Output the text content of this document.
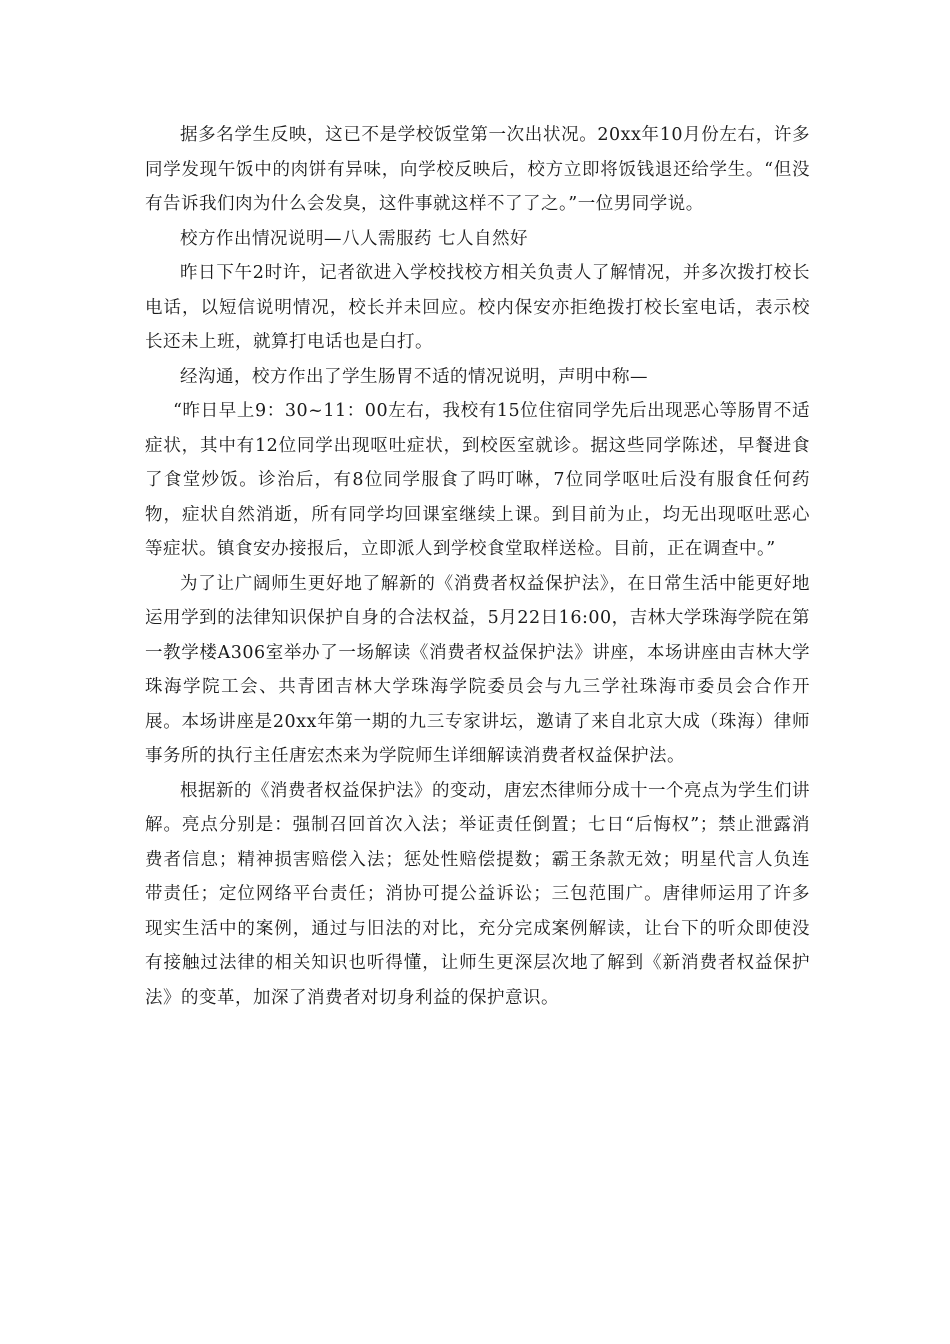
据多名学生反映，这已不是学校饭堂第一次出状况。20xx年10月份左右，许多同学发现午饭中的肉饼有异味，向学校反映后，校方立即将饭钱退还给学生。“但没有告诉我们肉为什么会发臭，这件事就这样不了了之。”一位男同学说。

校方作出情况说明—八人需服药 七人自然好

昨日下午2时许，记者欲进入学校找校方相关负责人了解情况，并多次拨打校长电话，以短信说明情况，校长并未回应。校内保安亦拒绝拨打校长室电话，表示校长还未上班，就算打电话也是白打。

经沟通，校方作出了学生肠胃不适的情况说明，声明中称—

“昨日早上9：30~11：00左右，我校有15位住宿同学先后出现恶心等肠胃不适症状，其中有12位同学出现呕吐症状，到校医室就诊。据这些同学陈述，早餐进食了食堂炒饭。诊治后，有8位同学服食了吗叮啉，7位同学呕吐后没有服食任何药物，症状自然消逝，所有同学均回课室继续上课。到目前为止，均无出现呕吐恶心等症状。镇食安办接报后，立即派人到学校食堂取样送检。目前，正在调查中。”

为了让广阔师生更好地了解新的《消费者权益保护法》，在日常生活中能更好地运用学到的法律知识保护自身的合法权益，5月22日16:00，吉林大学珠海学院在第一教学楼A306室举办了一场解读《消费者权益保护法》讲座，本场讲座由吉林大学珠海学院工会、共青团吉林大学珠海学院委员会与九三学社珠海市委员会合作开展。本场讲座是20xx年第一期的九三专家讲坛，邀请了来自北京大成（珠海）律师事务所的执行主任唐宏杰来为学院师生详细解读消费者权益保护法。

根据新的《消费者权益保护法》的变动，唐宏杰律师分成十一个亮点为学生们讲解。亮点分别是：强制召回首次入法；举证责任倒置；七日“后悔权”；禁止泄露消费者信息；精神损害赔偿入法；惩处性赔偿提数；霸王条款无效；明星代言人负连带责任；定位网络平台责任；消协可提公益诉讼；三包范围广。唐律师运用了许多现实生活中的案例，通过与旧法的对比，充分完成案例解读，让台下的听众即使没有接触过法律的相关知识也听得懂，让师生更深层次地了解到《新消费者权益保护法》的变革，加深了消费者对切身利益的保护意识。
